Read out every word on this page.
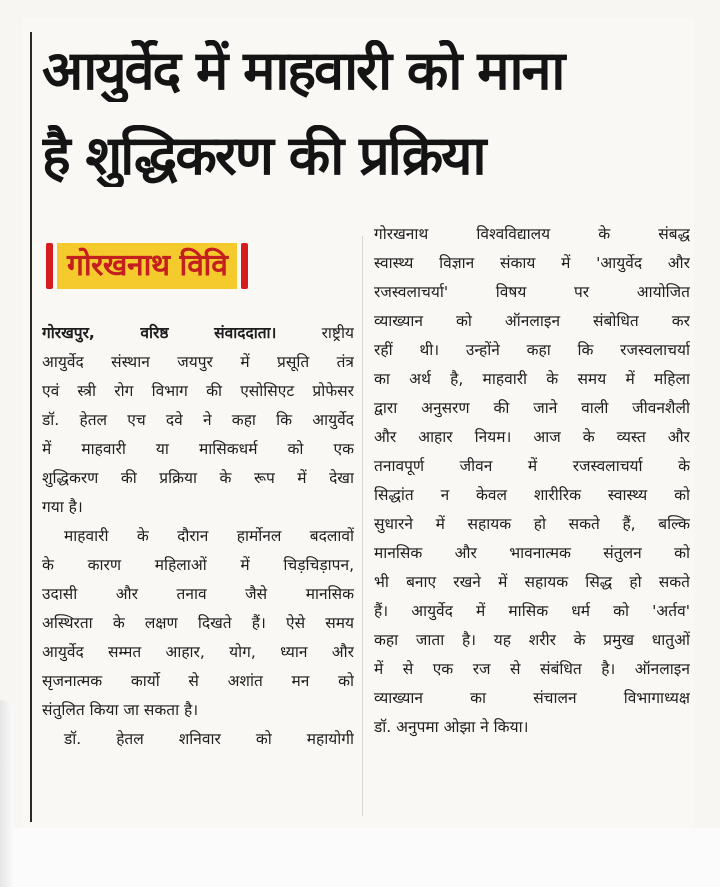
आयुर्वेद में माहवारी को माना
है शुद्धिकरण की प्रक्रिया
गोरखनाथ विवि

गोरखपुर, वरिष्ठ संवाददाता। राष्ट्रीय
आयुर्वेद संस्थान जयपुर में प्रसूति तंत्र
एवं स्त्री रोग विभाग की एसोसिएट प्रोफेसर
डॉ. हेतल एच दवे ने कहा कि आयुर्वेद
में माहवारी या मासिकधर्म को एक
शुद्धिकरण की प्रक्रिया के रूप में देखा
गया है।

माहवारी के दौरान हार्मोनल बदलावों
के कारण महिलाओं में चिड़चिड़ापन,
उदासी और तनाव जैसे मानसिक
अस्थिरता के लक्षण दिखते हैं। ऐसे समय
आयुर्वेद सम्मत आहार, योग, ध्यान और
सृजनात्मक कार्यो से अशांत मन को
संतुलित किया जा सकता है।

डॉ. हेतल शनिवार को महायोगी

गोरखनाथ विश्वविद्यालय के संबद्ध
स्वास्थ्य विज्ञान संकाय में 'आयुर्वेद और
रजस्वलाचर्या' विषय पर आयोजित
व्याख्यान को ऑनलाइन संबोधित कर
रहीं थी। उन्होंने कहा कि रजस्वलाचर्या
का अर्थ है, माहवारी के समय में महिला
द्वारा अनुसरण की जाने वाली जीवनशैली
और आहार नियम। आज के व्यस्त और
तनावपूर्ण जीवन में रजस्वलाचर्या के
सिद्धांत न केवल शारीरिक स्वास्थ्य को
सुधारने में सहायक हो सकते हैं, बल्कि
मानसिक और भावनात्मक संतुलन को
भी बनाए रखने में सहायक सिद्ध हो सकते
हैं। आयुर्वेद में मासिक धर्म को 'अर्तव'
कहा जाता है। यह शरीर के प्रमुख धातुओं
में से एक रज से संबंधित है। ऑनलाइन
व्याख्यान का संचालन विभागाध्यक्ष
डॉ. अनुपमा ओझा ने किया।
